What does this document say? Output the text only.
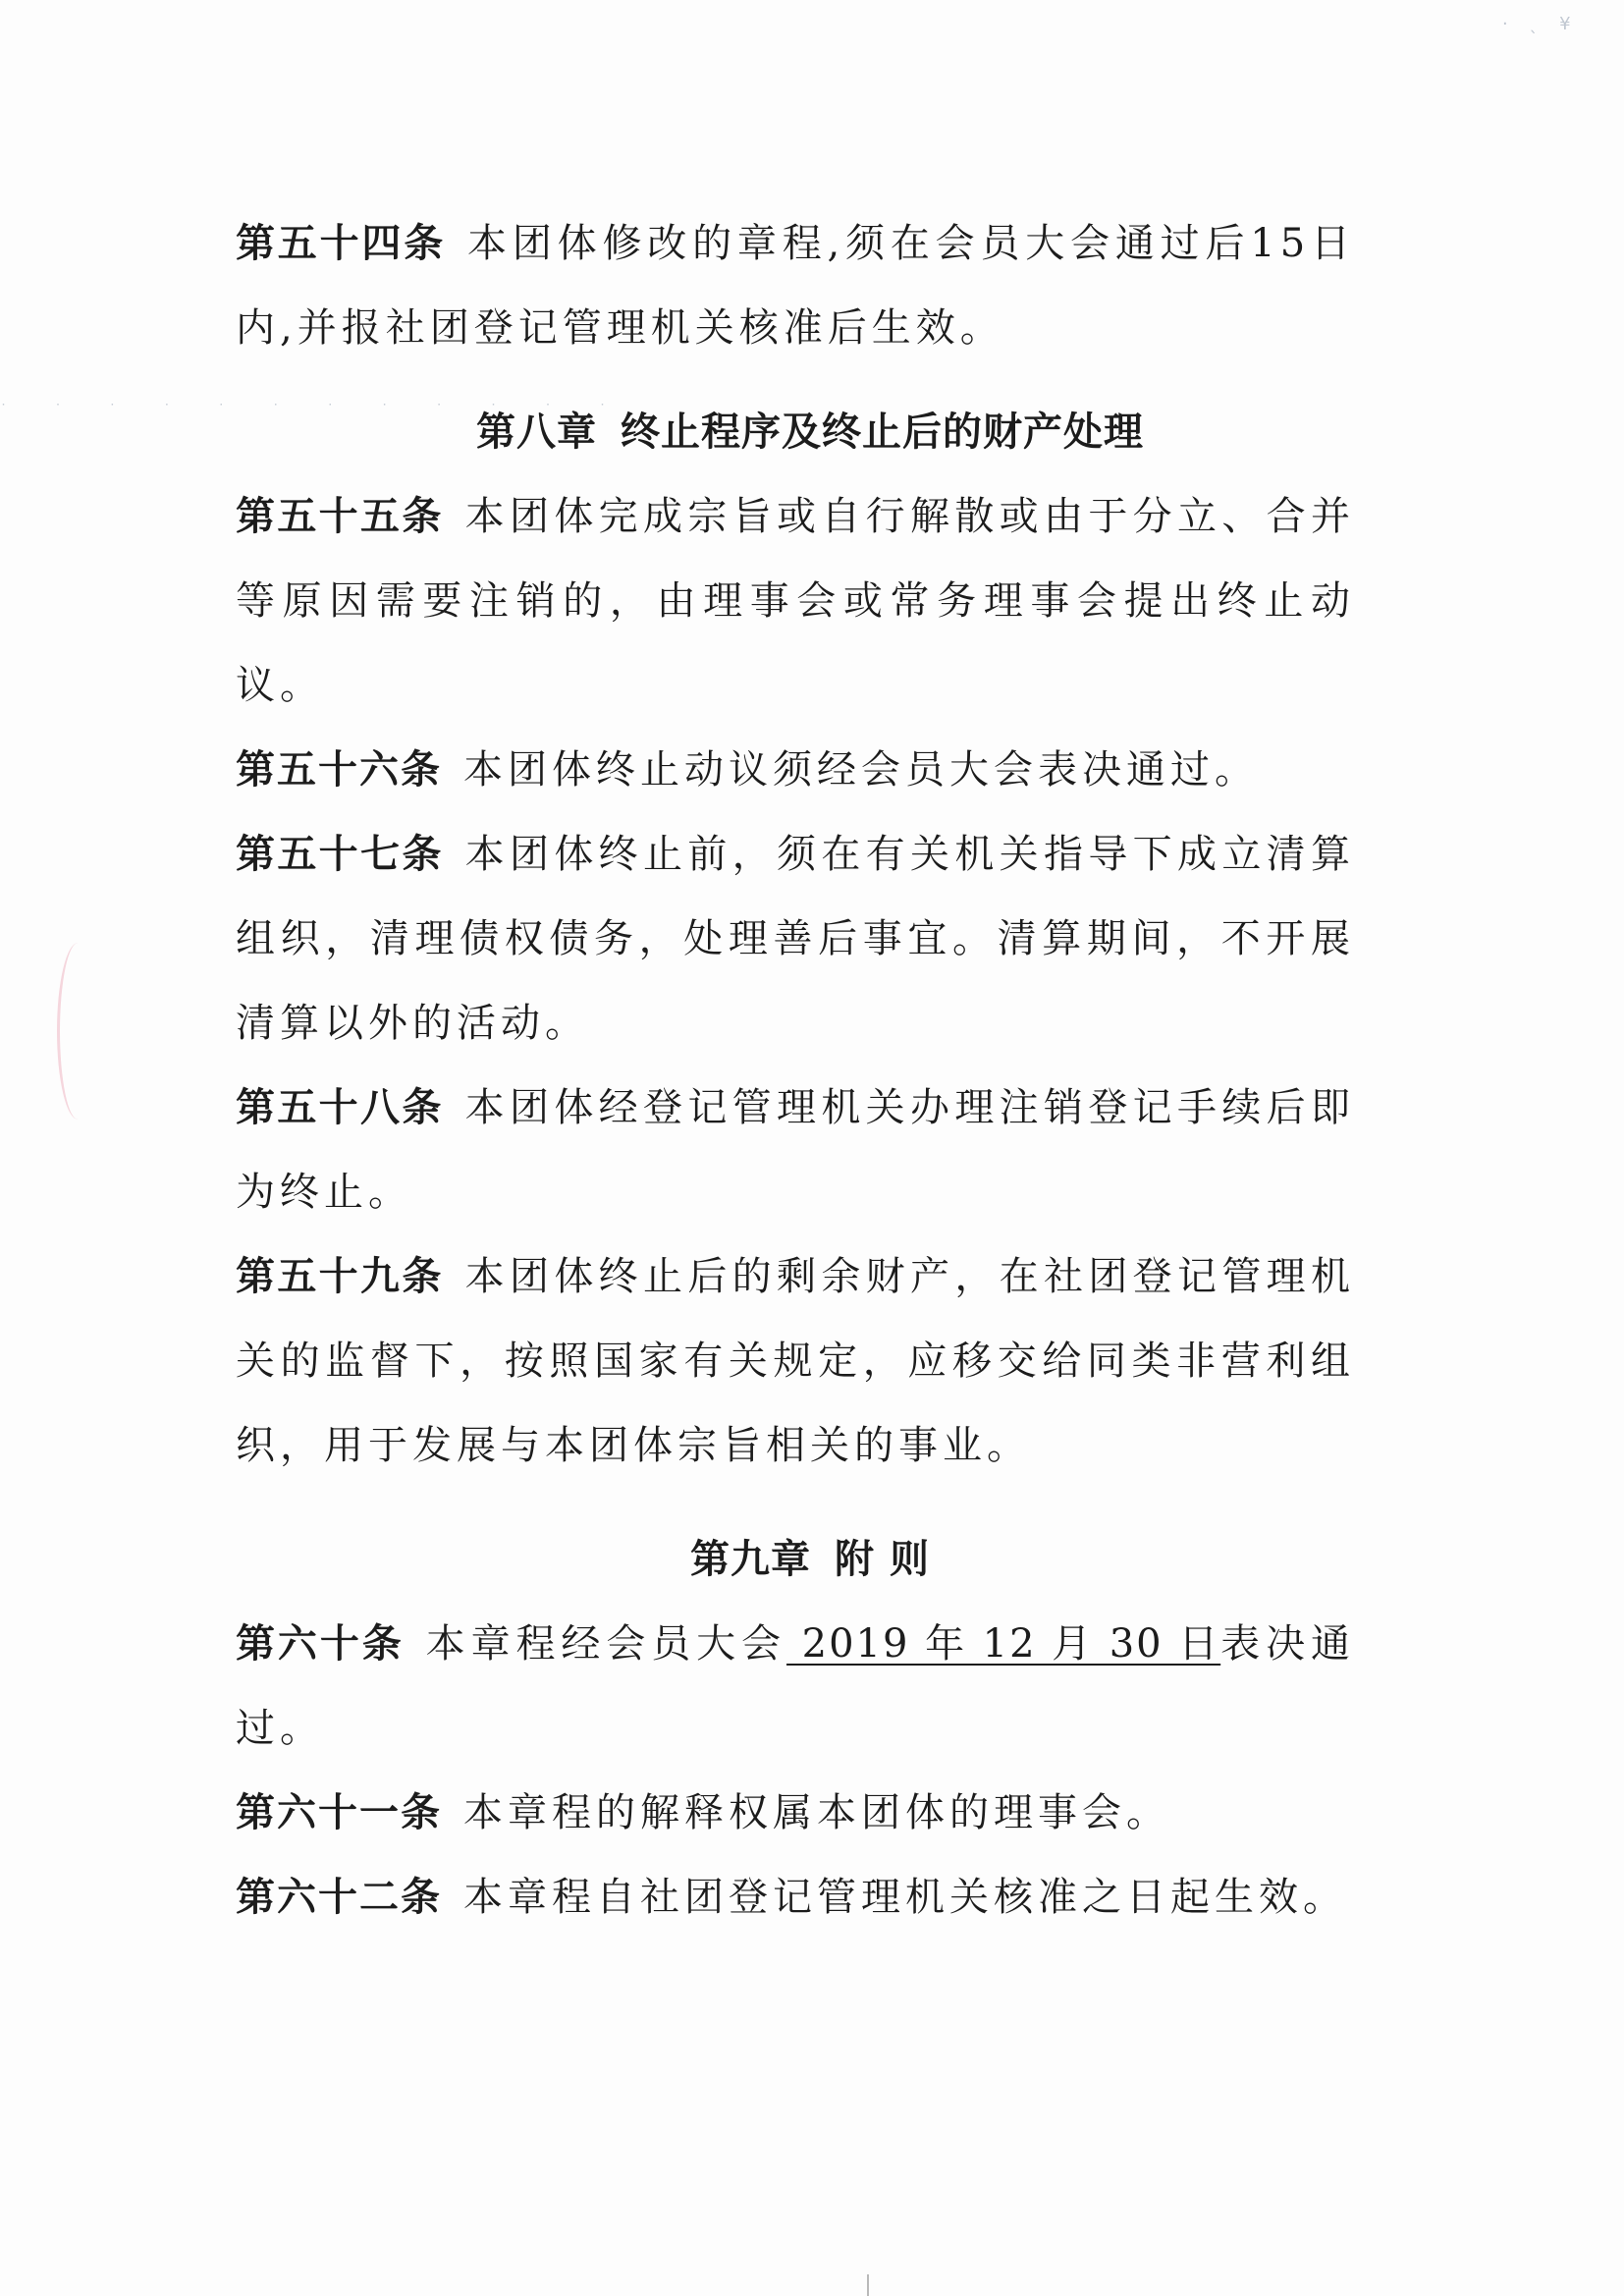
· ˎ ¥
˙ ˙ ˙ ˙ ˙ ˙ ˙ ˙ ˙ ˙ ˙ ˙

第五十四条 本团体修改的章程,须在会员大会通过后15日内,并报社团登记管理机关核准后生效。

第八章 终止程序及终止后的财产处理

第五十五条 本团体完成宗旨或自行解散或由于分立、合并等原因需要注销的，由理事会或常务理事会提出终止动议。

第五十六条 本团体终止动议须经会员大会表决通过。

第五十七条 本团体终止前，须在有关机关指导下成立清算组织，清理债权债务，处理善后事宜。清算期间，不开展清算以外的活动。

第五十八条 本团体经登记管理机关办理注销登记手续后即为终止。

第五十九条 本团体终止后的剩余财产，在社团登记管理机关的监督下，按照国家有关规定，应移交给同类非营利组织，用于发展与本团体宗旨相关的事业。

第九章 附 则

第六十条 本章程经会员大会 2019 年 12 月 30 日表决通过。

第六十一条 本章程的解释权属本团体的理事会。

第六十二条 本章程自社团登记管理机关核准之日起生效。
